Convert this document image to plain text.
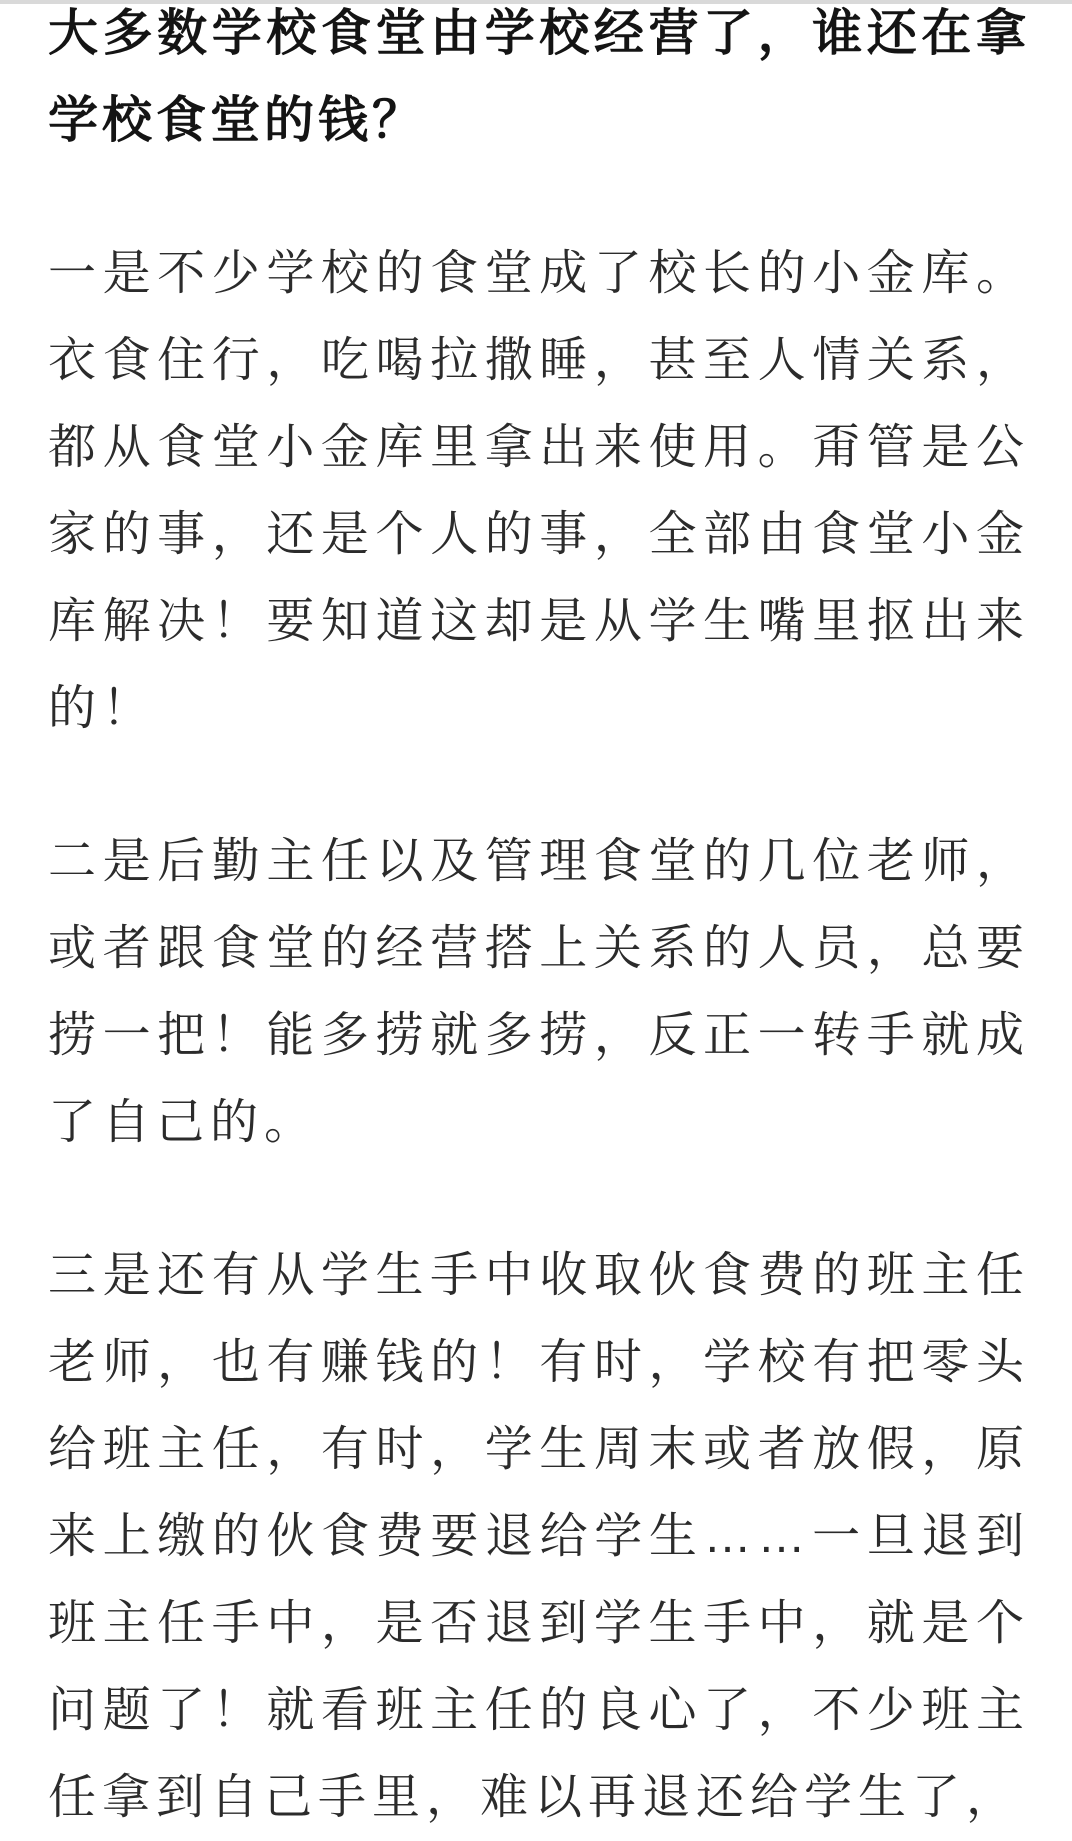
大多数学校食堂由学校经营了，谁还在拿学校食堂的钱？

一是不少学校的食堂成了校长的小金库。衣食住行，吃喝拉撒睡，甚至人情关系，都从食堂小金库里拿出来使用。甭管是公家的事，还是个人的事，全部由食堂小金库解决！要知道这却是从学生嘴里抠出来的！

二是后勤主任以及管理食堂的几位老师，或者跟食堂的经营搭上关系的人员，总要捞一把！能多捞就多捞，反正一转手就成了自己的。

三是还有从学生手中收取伙食费的班主任老师，也有赚钱的！有时，学校有把零头给班主任，有时，学生周末或者放假，原来上缴的伙食费要退给学生……一旦退到班主任手中，是否退到学生手中，就是个问题了！就看班主任的良心了，不少班主任拿到自己手里，难以再退还给学生了，
